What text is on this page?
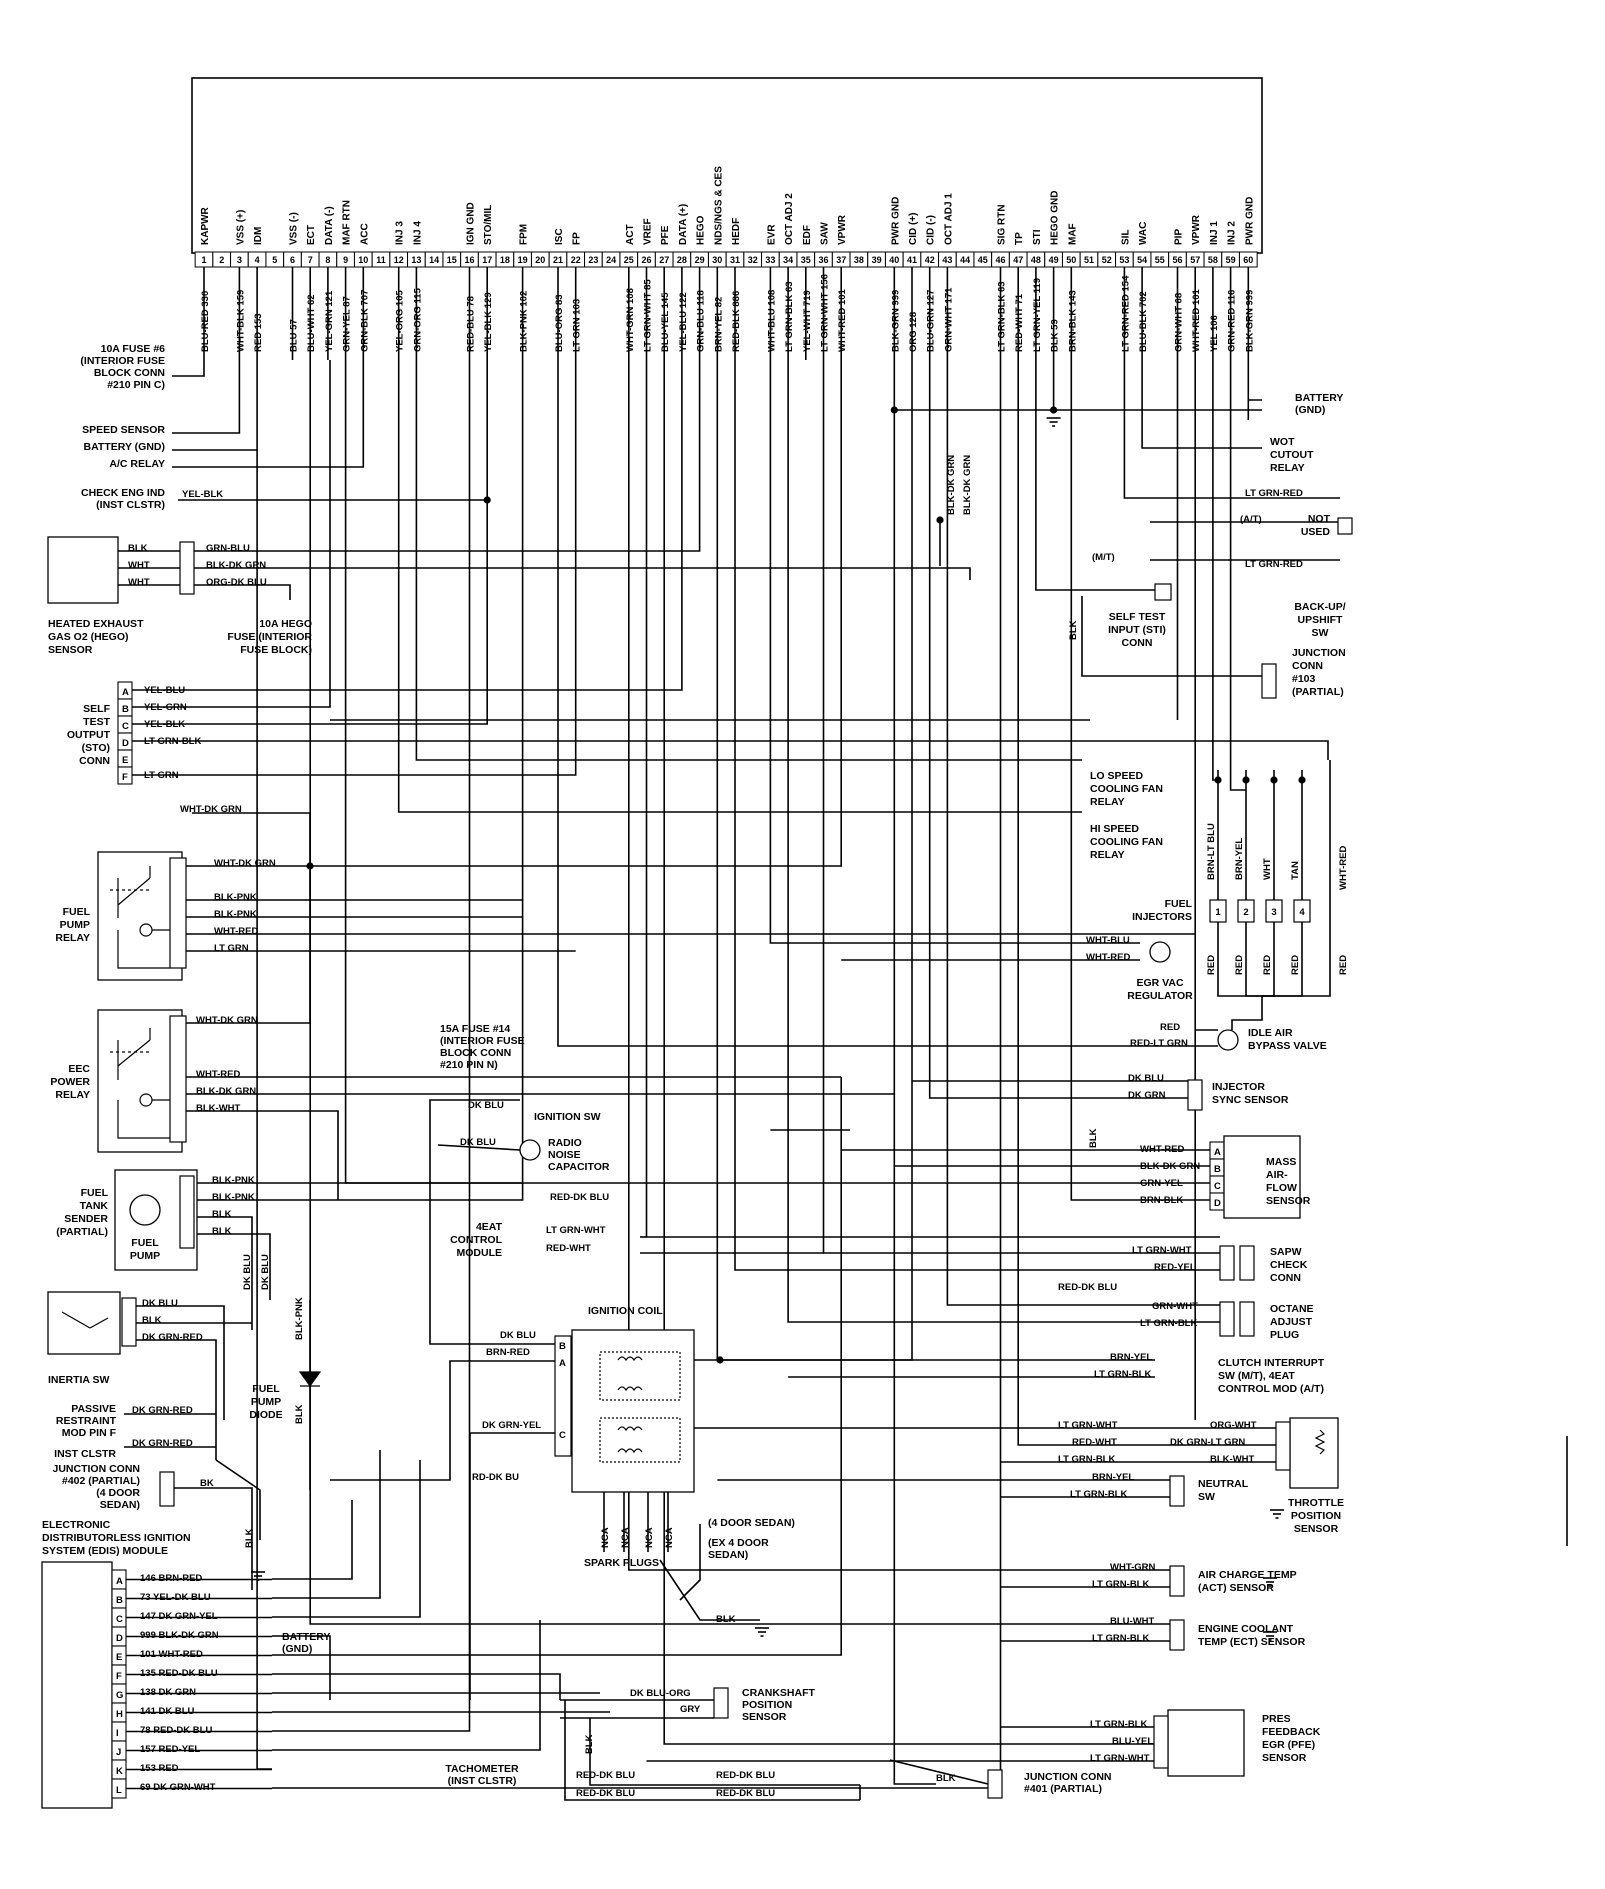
1
KAPWR
BLU-RED 330
2 3
VSS (+)
WHT-BLK 159
4
IDM
RED 153
5 6
VSS (-)
BLU 57
7
ECT
BLU-WHT 62
8
DATA (-)
YEL-GRN 121
9
MAF RTN
GRN-YEL 87
10
ACC
GRN-BLK 707
11 12
INJ 3
YEL-ORG 105
13
INJ 4
GRN-ORG 115
14 15 16
IGN GND
RED-BLU 78
17
STO/MIL
YEL-BLK 129
18 19
FPM
BLK-PNK 102
20 21
ISC
BLU-ORG 83
22
FP
LT GRN 103
23 24 25
ACT
WHT-GRN 108
26
VREF
LT GRN-WHT 85
27
PFE
BLU-YEL 145
28
DATA (+)
YEL-BLU 122
29
HEGO
GRN-BLU 118
30
NDS/NGS & CES
BRN-YEL 82
31
HEDF
RED-BLK 886
32 33
EVR
WHT-BLU 108
34
OCT ADJ 2
LT GRN-BLK 63
35
EDF
YEL-WHT 719
36
SAW
LT GRN-WHT 156
37
VPWR
WHT-RED 101
38 39 40
PWR GND
BLK-GRN 999
41
CID (+)
ORG 128
42
CID (-)
BLU-GRN 127
43
OCT ADJ 1
GRN-WHT 171
44 45 46
SIG RTN
LT GRN-BLK 63
47
TP
RED-WHT 71
48
STI
LT GRN-YEL 119
49
HEGO GND
BLK 59
50
MAF
BRN-BLK 143
51 52 53
SIL
LT GRN-RED 154
54
WAC
BLU-BLK 702
55 56
PIP
GRN-WHT 68
57
VPWR
WHT-RED 101
58
INJ 1
YEL 106
59
INJ 2
GRN-RED 116
60
PWR GND
BLK-GRN 999
10A FUSE #6 (INTERIOR FUSE BLOCK CONN #210 PIN C)
SPEED SENSOR
BATTERY (GND)
A/C RELAY
CHECK ENG IND (INST CLSTR)
YEL-BLK
BLK
WHT
WHT
GRN-BLU
BLK-DK GRN
ORG-DK BLU
HEATED EXHAUST GAS O2 (HEGO) SENSOR
10A HEGO FUSE (INTERIOR FUSE BLOCK)
A YEL-BLU
B YEL-GRN
C YEL-BLK
D LT GRN-BLK
E
F LT GRN
SELF TEST OUTPUT (STO) CONN
WHT-DK GRN
WHT-DK GRN
BLK-PNK
BLK-PNK
WHT-RED
LT GRN
FUEL PUMP RELAY
WHT-DK GRN
WHT-RED
BLK-DK GRN
BLK-WHT
EEC POWER RELAY
BLK-PNK
BLK-PNK
BLK
BLK
FUEL TANK SENDER (PARTIAL)
FUEL PUMP	DK BLU DK BLU
DK BLU
BLK
DK GRN-RED
INERTIA SW
BLK-PNK
BLK
FUEL PUMP DIODE
PASSIVE RESTRAINT MOD PIN F
DK GRN-RED
INST CLSTR
DK GRN-RED
JUNCTION CONN #402 (PARTIAL) (4 DOOR SEDAN)
BK
BLK
ELECTRONIC DISTRIBUTORLESS IGNITION SYSTEM (EDIS) MODULE
A 146 BRN-RED
B 73 YEL-DK BLU
C 147 DK GRN-YEL
D 999 BLK-DK GRN
E 101 WHT-RED
F 135 RED-DK BLU
G 138 DK GRN
H 141 DK BLU
I 78 RED-DK BLU
J 157 RED-YEL
K 153 RED
L 69 DK GRN-WHT
BATTERY (GND)
15A FUSE #14 (INTERIOR FUSE BLOCK CONN #210 PIN N)
DK BLU
IGNITION SW
DK BLU	RADIO NOISE CAPACITOR
RED-DK BLU
LT GRN-WHT
RED-WHT
4EAT CONTROL MODULE
IGNITION COIL
B
A
C
DK BLU
BRN-RED
DK GRN-YEL
RD-DK BU
NCA NCA NCA NCA
SPARK PLUGS
(4 DOOR SEDAN)
(EX 4 DOOR SEDAN)
BLK
DK BLU-ORG
GRY
CRANKSHAFT POSITION SENSOR
BLK
RED-DK BLU	RED-DK BLU
RED-DK BLU	RED-DK BLU
TACHOMETER (INST CLSTR)	BLK	JUNCTION CONN #401 (PARTIAL)
BATTERY (GND)
WOT CUTOUT RELAY
LT GRN-RED
(A/T)
(M/T)
NOT USED
LT GRN-RED
BACK-UP/ UPSHIFT SW
BLK-DK GRN BLK-DK GRN
SELF TEST INPUT (STI) CONN
BLK
JUNCTION CONN #103 (PARTIAL)
LO SPEED COOLING FAN RELAY
HI SPEED COOLING FAN RELAY
1
BRN-LT BLU
RED
2
BRN-YEL
RED
3
WHT
RED
4
TAN
RED
WHT-RED
RED
FUEL INJECTORS
WHT-BLU
WHT-RED
EGR VAC REGULATOR
RED
RED-LT GRN
IDLE AIR BYPASS VALVE
DK BLU
DK GRN
INJECTOR SYNC SENSOR
BLK
A
WHT-RED
B
BLK-DK GRN
C
GRN-YEL
D
BRN-BLK
MASS AIR-FLOW SENSOR
LT GRN-WHT
RED-YEL
SAPW CHECK CONN
RED-DK BLU
GRN-WHT
LT GRN-BLK
OCTANE ADJUST PLUG
BRN-YEL
LT GRN-BLK
CLUTCH INTERRUPT SW (M/T), 4EAT CONTROL MOD (A/T)
LT GRN-WHT
RED-WHT
LT GRN-BLK
ORG-WHT
DK GRN-LT GRN
BLK-WHT
THROTTLE POSITION SENSOR
BRN-YEL
LT GRN-BLK
NEUTRAL SW
WHT-GRN
LT GRN-BLK
AIR CHARGE TEMP (ACT) SENSOR
BLU-WHT
LT GRN-BLK
ENGINE COOLANT TEMP (ECT) SENSOR
LT GRN-BLK
BLU-YEL
LT GRN-WHT
PRES FEEDBACK EGR (PFE) SENSOR
